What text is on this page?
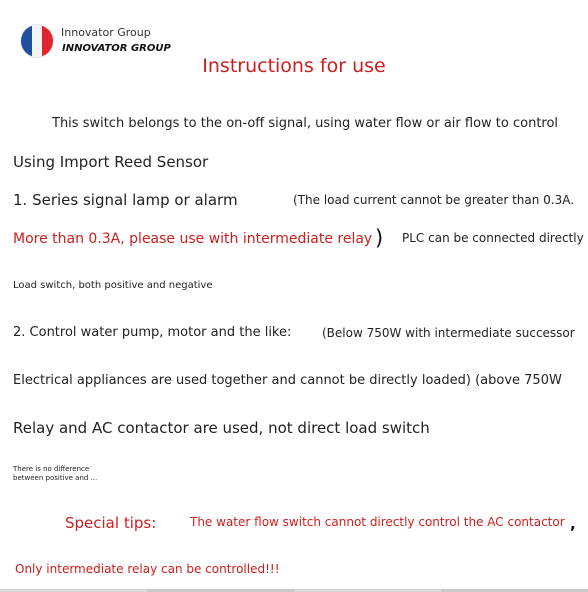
Innovator Group
INNOVATOR GROUP
Instructions for use
This switch belongs to the on-off signal, using water flow or air flow to control
Using Import Reed Sensor
1. Series signal lamp or alarm	(The load current cannot be greater than 0.3A.
More than 0.3A, please use with intermediate relay ) PLC can be connected directly
Load switch, both positive and negative
2. Control water pump, motor and the like:	(Below 750W with intermediate successor
Electrical appliances are used together and cannot be directly loaded) (above 750W
Relay and AC contactor are used, not direct load switch
There is no difference
between positive and ...
Special tips:	The water flow switch cannot directly control the AC contactor ,
Only intermediate relay can be controlled!!!
